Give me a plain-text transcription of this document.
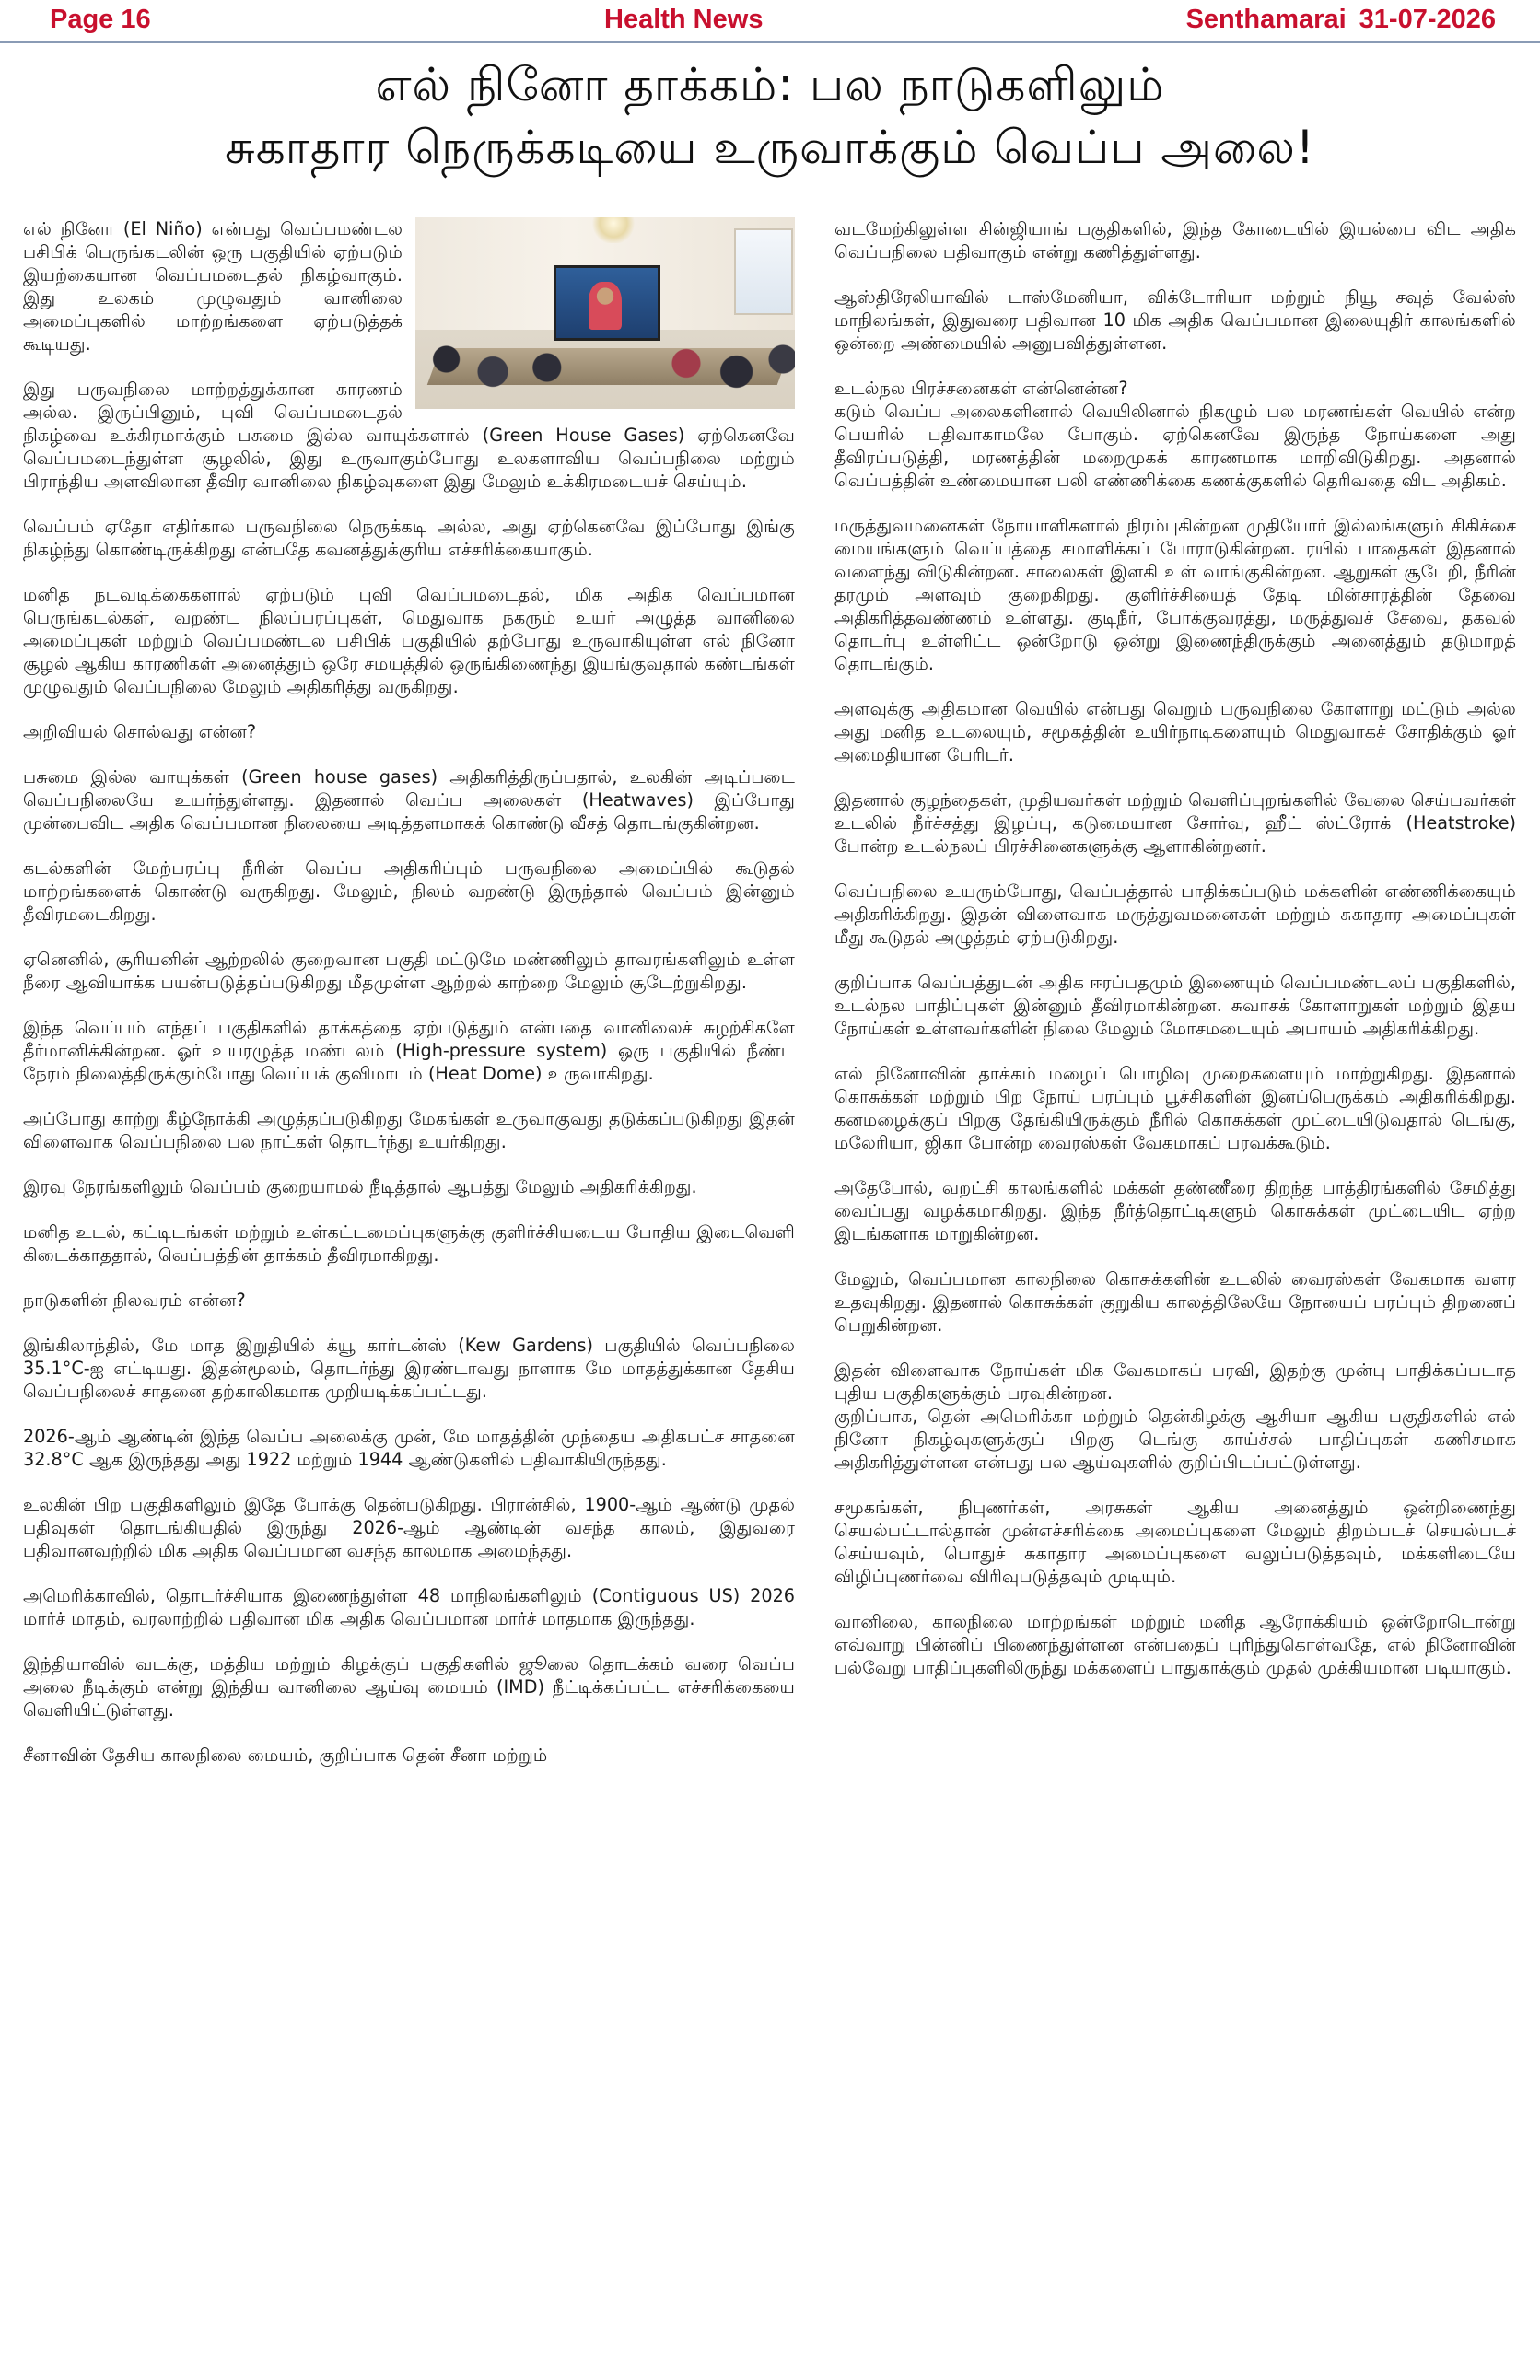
Page 16	Health News	Senthamarai 31-07-2026
எல் நினோ தாக்கம்: பல நாடுகளிலும்
சுகாதார நெருக்கடியை உருவாக்கும் வெப்ப அலை!

எல் நினோ (El Niño) என்பது வெப்பமண்டல பசிபிக் பெருங்கடலின் ஒரு பகுதியில் ஏற்படும் இயற்கையான வெப்பமடைதல் நிகழ்வாகும். இது உலகம் முழுவதும் வானிலை அமைப்புகளில் மாற்றங்களை ஏற்படுத்தக் கூடியது.

இது பருவநிலை மாற்றத்துக்கான காரணம் அல்ல. இருப்பினும், புவி வெப்பமடைதல் நிகழ்வை உக்கிரமாக்கும் பசுமை இல்ல வாயுக்களால் (Green House Gases) ஏற்கெனவே வெப்பமடைந்துள்ள சூழலில், இது உருவாகும்போது உலகளாவிய வெப்பநிலை மற்றும் பிராந்திய அளவிலான தீவிர வானிலை நிகழ்வுகளை இது மேலும் உக்கிரமடையச் செய்யும்.

வெப்பம் ஏதோ எதிர்கால பருவநிலை நெருக்கடி அல்ல, அது ஏற்கெனவே இப்போது இங்கு நிகழ்ந்து கொண்டிருக்கிறது என்பதே கவனத்துக்குரிய எச்சரிக்கையாகும்.

மனித நடவடிக்கைகளால் ஏற்படும் புவி வெப்பமடைதல், மிக அதிக வெப்பமான பெருங்கடல்கள், வறண்ட நிலப்பரப்புகள், மெதுவாக நகரும் உயர் அழுத்த வானிலை அமைப்புகள் மற்றும் வெப்பமண்டல பசிபிக் பகுதியில் தற்போது உருவாகியுள்ள எல் நினோ சூழல் ஆகிய காரணிகள் அனைத்தும் ஒரே சமயத்தில் ஒருங்கிணைந்து இயங்குவதால் கண்டங்கள் முழுவதும் வெப்பநிலை மேலும் அதிகரித்து வருகிறது.

அறிவியல் சொல்வது என்ன?

பசுமை இல்ல வாயுக்கள் (Green house gases) அதிகரித்திருப்பதால், உலகின் அடிப்படை வெப்பநிலையே உயர்ந்துள்ளது. இதனால் வெப்ப அலைகள் (Heatwaves) இப்போது முன்பைவிட அதிக வெப்பமான நிலையை அடித்தளமாகக் கொண்டு வீசத் தொடங்குகின்றன.

கடல்களின் மேற்பரப்பு நீரின் வெப்ப அதிகரிப்பும் பருவநிலை அமைப்பில் கூடுதல் மாற்றங்களைக் கொண்டு வருகிறது. மேலும், நிலம் வறண்டு இருந்தால் வெப்பம் இன்னும் தீவிரமடைகிறது.

ஏனெனில், சூரியனின் ஆற்றலில் குறைவான பகுதி மட்டுமே மண்ணிலும் தாவரங்களிலும் உள்ள நீரை ஆவியாக்க பயன்படுத்தப்படுகிறது மீதமுள்ள ஆற்றல் காற்றை மேலும் சூடேற்றுகிறது.

இந்த வெப்பம் எந்தப் பகுதிகளில் தாக்கத்தை ஏற்படுத்தும் என்பதை வானிலைச் சுழற்சிகளே தீர்மானிக்கின்றன. ஓர் உயரழுத்த மண்டலம் (High-pressure system) ஒரு பகுதியில் நீண்ட நேரம் நிலைத்திருக்கும்போது வெப்பக் குவிமாடம் (Heat Dome) உருவாகிறது.

அப்போது காற்று கீழ்நோக்கி அழுத்தப்படுகிறது மேகங்கள் உருவாகுவது தடுக்கப்படுகிறது இதன் விளைவாக வெப்பநிலை பல நாட்கள் தொடர்ந்து உயர்கிறது.

இரவு நேரங்களிலும் வெப்பம் குறையாமல் நீடித்தால் ஆபத்து மேலும் அதிகரிக்கிறது.

மனித உடல், கட்டிடங்கள் மற்றும் உள்கட்டமைப்புகளுக்கு குளிர்ச்சியடைய போதிய இடைவெளி கிடைக்காததால், வெப்பத்தின் தாக்கம் தீவிரமாகிறது.

நாடுகளின் நிலவரம் என்ன?

இங்கிலாந்தில், மே மாத இறுதியில் க்யூ கார்டன்ஸ் (Kew Gardens) பகுதியில் வெப்பநிலை 35.1°C-ஐ எட்டியது. இதன்மூலம், தொடர்ந்து இரண்டாவது நாளாக மே மாதத்துக்கான தேசிய வெப்பநிலைச் சாதனை தற்காலிகமாக முறியடிக்கப்பட்டது.

2026-ஆம் ஆண்டின் இந்த வெப்ப அலைக்கு முன், மே மாதத்தின் முந்தைய அதிகபட்ச சாதனை 32.8°C ஆக இருந்தது அது 1922 மற்றும் 1944 ஆண்டுகளில் பதிவாகியிருந்தது.

உலகின் பிற பகுதிகளிலும் இதே போக்கு தென்படுகிறது. பிரான்சில், 1900-ஆம் ஆண்டு முதல் பதிவுகள் தொடங்கியதில் இருந்து 2026-ஆம் ஆண்டின் வசந்த காலம், இதுவரை பதிவானவற்றில் மிக அதிக வெப்பமான வசந்த காலமாக அமைந்தது.

அமெரிக்காவில், தொடர்ச்சியாக இணைந்துள்ள 48 மாநிலங்களிலும் (Contiguous US) 2026 மார்ச் மாதம், வரலாற்றில் பதிவான மிக அதிக வெப்பமான மார்ச் மாதமாக இருந்தது.

இந்தியாவில் வடக்கு, மத்திய மற்றும் கிழக்குப் பகுதிகளில் ஜூலை தொடக்கம் வரை வெப்ப அலை நீடிக்கும் என்று இந்திய வானிலை ஆய்வு மையம் (IMD) நீட்டிக்கப்பட்ட எச்சரிக்கையை வெளியிட்டுள்ளது.

சீனாவின் தேசிய காலநிலை மையம், குறிப்பாக தென் சீனா மற்றும்

வடமேற்கிலுள்ள சின்ஜியாங் பகுதிகளில், இந்த கோடையில் இயல்பை விட அதிக வெப்பநிலை பதிவாகும் என்று கணித்துள்ளது.

ஆஸ்திரேலியாவில் டாஸ்மேனியா, விக்டோரியா மற்றும் நியூ சவுத் வேல்ஸ் மாநிலங்கள், இதுவரை பதிவான 10 மிக அதிக வெப்பமான இலையுதிர் காலங்களில் ஒன்றை அண்மையில் அனுபவித்துள்ளன.

உடல்நல பிரச்சனைகள் என்னென்ன?

கடும் வெப்ப அலைகளினால் வெயிலினால் நிகழும் பல மரணங்கள் வெயில் என்ற பெயரில் பதிவாகாமலே போகும். ஏற்கெனவே இருந்த நோய்களை அது தீவிரப்படுத்தி, மரணத்தின் மறைமுகக் காரணமாக மாறிவிடுகிறது. அதனால் வெப்பத்தின் உண்மையான பலி எண்ணிக்கை கணக்குகளில் தெரிவதை விட அதிகம்.

மருத்துவமனைகள் நோயாளிகளால் நிரம்புகின்றன முதியோர் இல்லங்களும் சிகிச்சை மையங்களும் வெப்பத்தை சமாளிக்கப் போராடுகின்றன. ரயில் பாதைகள் இதனால் வளைந்து விடுகின்றன. சாலைகள் இளகி உள் வாங்குகின்றன. ஆறுகள் சூடேறி, நீரின் தரமும் அளவும் குறைகிறது. குளிர்ச்சியைத் தேடி மின்சாரத்தின் தேவை அதிகரித்தவண்ணம் உள்ளது. குடிநீர், போக்குவரத்து, மருத்துவச் சேவை, தகவல் தொடர்பு உள்ளிட்ட ஒன்றோடு ஒன்று இணைந்திருக்கும் அனைத்தும் தடுமாறத் தொடங்கும்.

அளவுக்கு அதிகமான வெயில் என்பது வெறும் பருவநிலை கோளாறு மட்டும் அல்ல அது மனித உடலையும், சமூகத்தின் உயிர்நாடிகளையும் மெதுவாகச் சோதிக்கும் ஓர் அமைதியான பேரிடர்.

இதனால் குழந்தைகள், முதியவர்கள் மற்றும் வெளிப்புறங்களில் வேலை செய்பவர்கள் உடலில் நீர்ச்சத்து இழப்பு, கடுமையான சோர்வு, ஹீட் ஸ்ட்ரோக் (Heatstroke) போன்ற உடல்நலப் பிரச்சினைகளுக்கு ஆளாகின்றனர்.

வெப்பநிலை உயரும்போது, வெப்பத்தால் பாதிக்கப்படும் மக்களின் எண்ணிக்கையும் அதிகரிக்கிறது. இதன் விளைவாக மருத்துவமனைகள் மற்றும் சுகாதார அமைப்புகள் மீது கூடுதல் அழுத்தம் ஏற்படுகிறது.

குறிப்பாக வெப்பத்துடன் அதிக ஈரப்பதமும் இணையும் வெப்பமண்டலப் பகுதிகளில், உடல்நல பாதிப்புகள் இன்னும் தீவிரமாகின்றன. சுவாசக் கோளாறுகள் மற்றும் இதய நோய்கள் உள்ளவர்களின் நிலை மேலும் மோசமடையும் அபாயம் அதிகரிக்கிறது.

எல் நினோவின் தாக்கம் மழைப் பொழிவு முறைகளையும் மாற்றுகிறது. இதனால் கொசுக்கள் மற்றும் பிற நோய் பரப்பும் பூச்சிகளின் இனப்பெருக்கம் அதிகரிக்கிறது. கனமழைக்குப் பிறகு தேங்கியிருக்கும் நீரில் கொசுக்கள் முட்டையிடுவதால் டெங்கு, மலேரியா, ஜிகா போன்ற வைரஸ்கள் வேகமாகப் பரவக்கூடும்.

அதேபோல், வறட்சி காலங்களில் மக்கள் தண்ணீரை திறந்த பாத்திரங்களில் சேமித்து வைப்பது வழக்கமாகிறது. இந்த நீர்த்தொட்டிகளும் கொசுக்கள் முட்டையிட ஏற்ற இடங்களாக மாறுகின்றன.

மேலும், வெப்பமான காலநிலை கொசுக்களின் உடலில் வைரஸ்கள் வேகமாக வளர உதவுகிறது. இதனால் கொசுக்கள் குறுகிய காலத்திலேயே நோயைப் பரப்பும் திறனைப் பெறுகின்றன.

இதன் விளைவாக நோய்கள் மிக வேகமாகப் பரவி, இதற்கு முன்பு பாதிக்கப்படாத புதிய பகுதிகளுக்கும் பரவுகின்றன.

குறிப்பாக, தென் அமெரிக்கா மற்றும் தென்கிழக்கு ஆசியா ஆகிய பகுதிகளில் எல் நினோ நிகழ்வுகளுக்குப் பிறகு டெங்கு காய்ச்சல் பாதிப்புகள் கணிசமாக அதிகரித்துள்ளன என்பது பல ஆய்வுகளில் குறிப்பிடப்பட்டுள்ளது.

சமூகங்கள், நிபுணர்கள், அரசுகள் ஆகிய அனைத்தும் ஒன்றிணைந்து செயல்பட்டால்தான் முன்எச்சரிக்கை அமைப்புகளை மேலும் திறம்படச் செயல்படச் செய்யவும், பொதுச் சுகாதார அமைப்புகளை வலுப்படுத்தவும், மக்களிடையே விழிப்புணர்வை விரிவுபடுத்தவும் முடியும்.

வானிலை, காலநிலை மாற்றங்கள் மற்றும் மனித ஆரோக்கியம் ஒன்றோடொன்று எவ்வாறு பின்னிப் பிணைந்துள்ளன என்பதைப் புரிந்துகொள்வதே, எல் நினோவின் பல்வேறு பாதிப்புகளிலிருந்து மக்களைப் பாதுகாக்கும் முதல் முக்கியமான படியாகும்.
